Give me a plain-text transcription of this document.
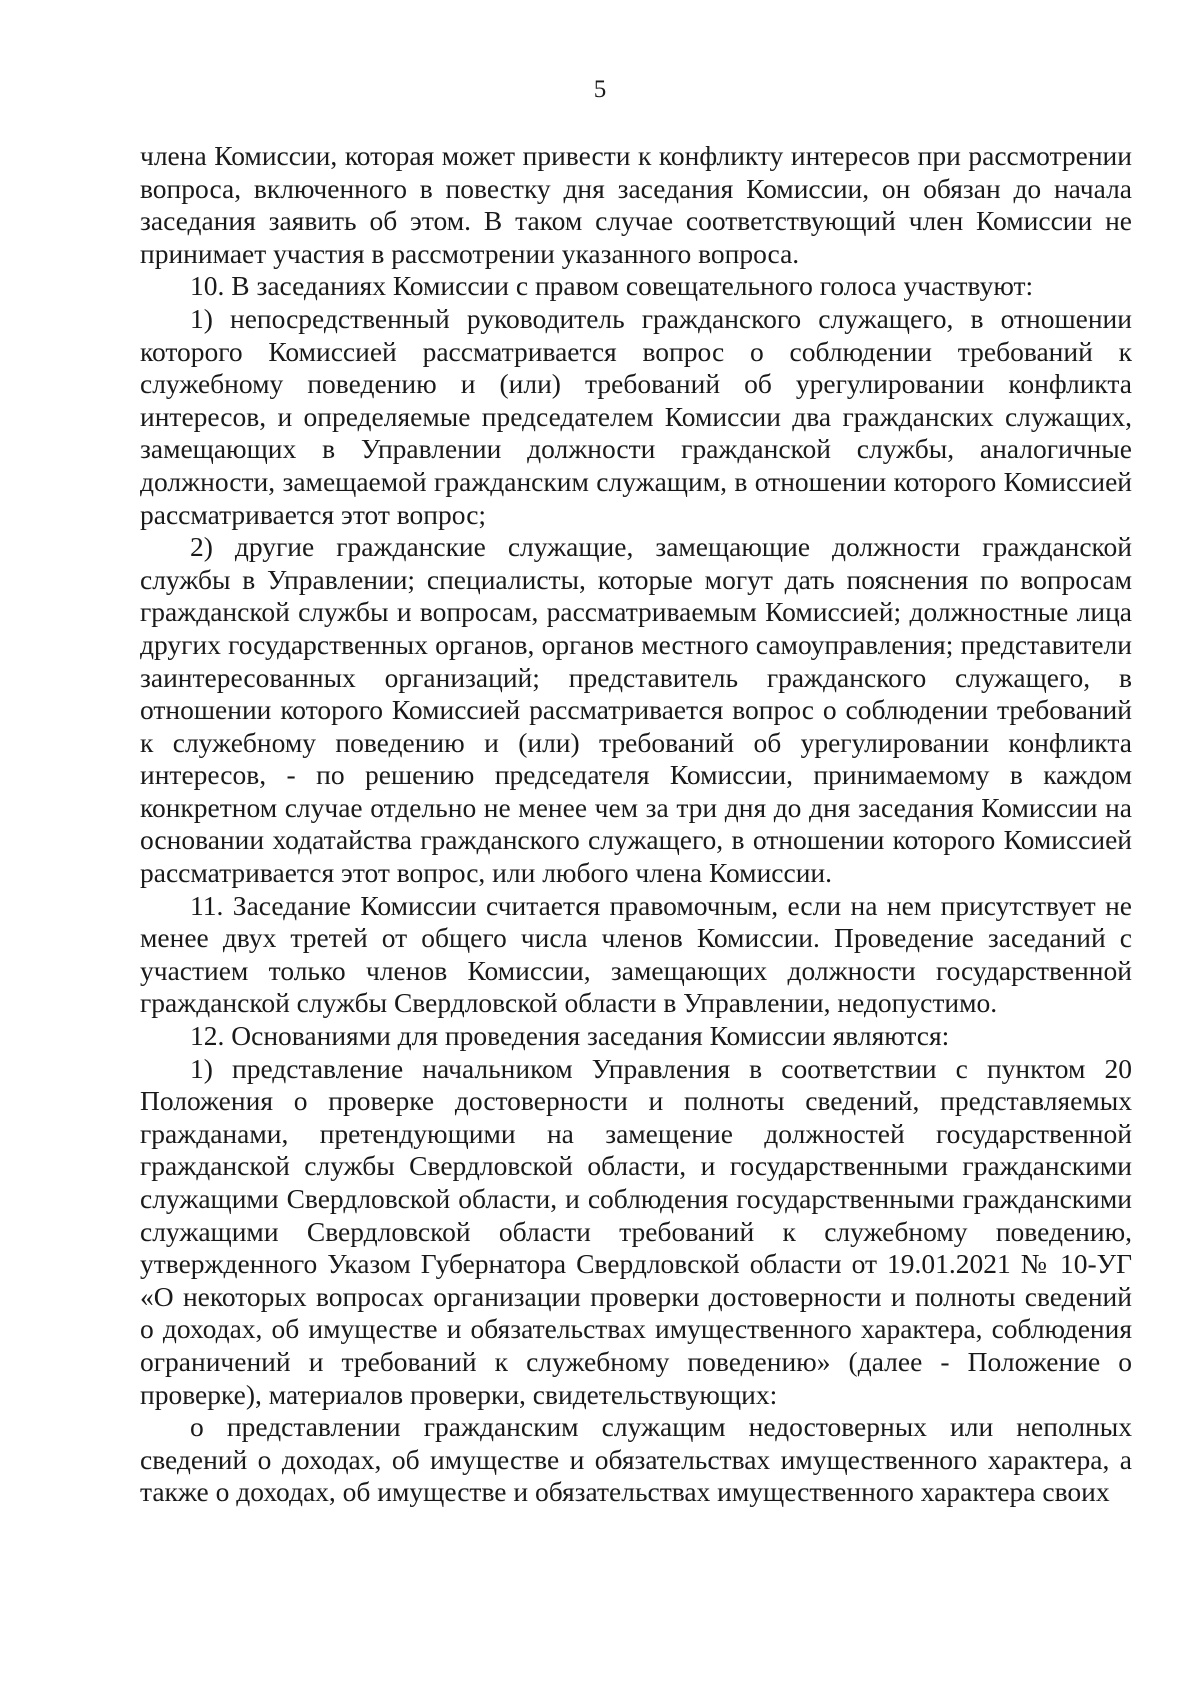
5

члена Комиссии, которая может привести к конфликту интересов при рассмотрении вопроса, включенного в повестку дня заседания Комиссии, он обязан до начала заседания заявить об этом. В таком случае соответствующий член Комиссии не принимает участия в рассмотрении указанного вопроса.

10. В заседаниях Комиссии с правом совещательного голоса участвуют:

1) непосредственный руководитель гражданского служащего, в отношении которого Комиссией рассматривается вопрос о соблюдении требований к служебному поведению и (или) требований об урегулировании конфликта интересов, и определяемые председателем Комиссии два гражданских служащих, замещающих в Управлении должности гражданской службы, аналогичные должности, замещаемой гражданским служащим, в отношении которого Комиссией рассматривается этот вопрос;

2) другие гражданские служащие, замещающие должности гражданской службы в Управлении; специалисты, которые могут дать пояснения по вопросам гражданской службы и вопросам, рассматриваемым Комиссией; должностные лица других государственных органов, органов местного самоуправления; представители заинтересованных организаций; представитель гражданского служащего, в отношении которого Комиссией рассматривается вопрос о соблюдении требований к служебному поведению и (или) требований об урегулировании конфликта интересов, - по решению председателя Комиссии, принимаемому в каждом конкретном случае отдельно не менее чем за три дня до дня заседания Комиссии на основании ходатайства гражданского служащего, в отношении которого Комиссией рассматривается этот вопрос, или любого члена Комиссии.

11. Заседание Комиссии считается правомочным, если на нем присутствует не менее двух третей от общего числа членов Комиссии. Проведение заседаний с участием только членов Комиссии, замещающих должности государственной гражданской службы Свердловской области в Управлении, недопустимо.

12. Основаниями для проведения заседания Комиссии являются:

1) представление начальником Управления в соответствии с пунктом 20 Положения о проверке достоверности и полноты сведений, представляемых гражданами, претендующими на замещение должностей государственной гражданской службы Свердловской области, и государственными гражданскими служащими Свердловской области, и соблюдения государственными гражданскими служащими Свердловской области требований к служебному поведению, утвержденного Указом Губернатора Свердловской области от 19.01.2021 № 10-УГ «О некоторых вопросах организации проверки достоверности и полноты сведений о доходах, об имуществе и обязательствах имущественного характера, соблюдения ограничений и требований к служебному поведению» (далее - Положение о проверке), материалов проверки, свидетельствующих:

о представлении гражданским служащим недостоверных или неполных сведений о доходах, об имуществе и обязательствах имущественного характера, а также о доходах, об имуществе и обязательствах имущественного характера своих
